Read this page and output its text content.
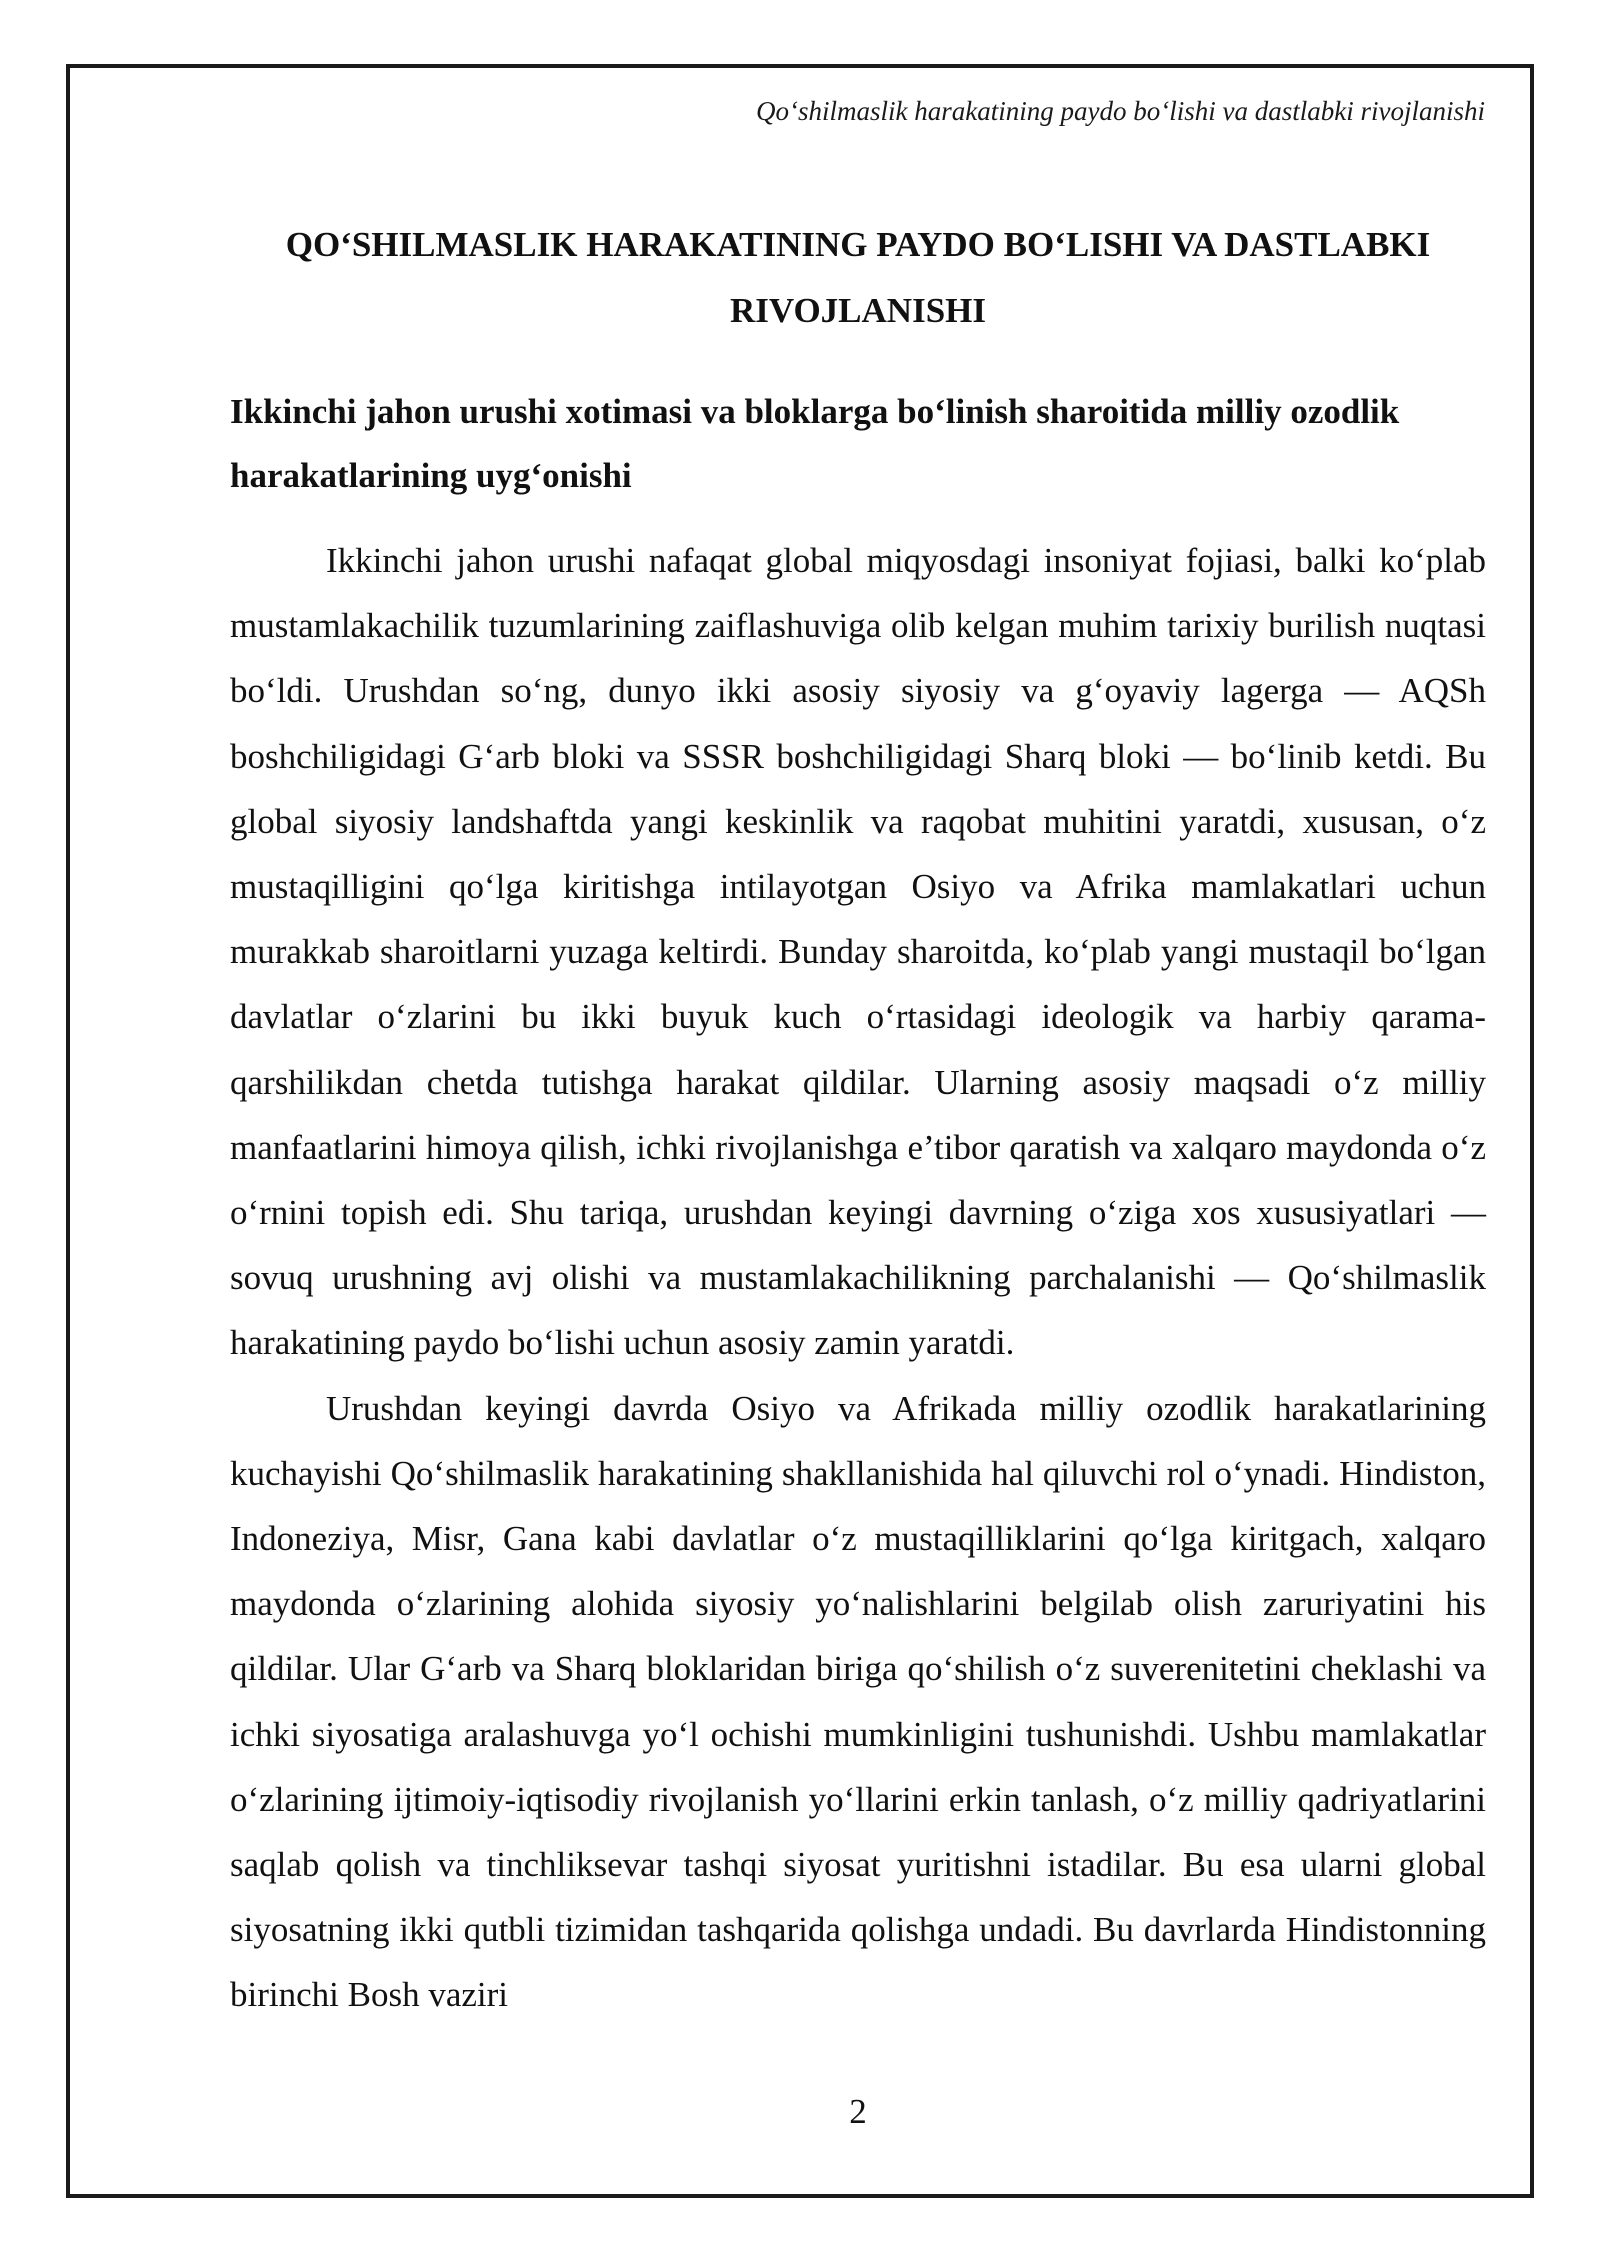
Qo‘shilmaslik harakatining paydo bo‘lishi va dastlabki rivojlanishi
QO‘SHILMASLIK HARAKATINING PAYDO BO‘LISHI VA DASTLABKI RIVOJLANISHI
Ikkinchi jahon urushi xotimasi va bloklarga bo‘linish sharoitida milliy ozodlik harakatlarining uyg‘onishi

Ikkinchi jahon urushi nafaqat global miqyosdagi insoniyat fojiasi, balki ko‘plab mustamlakachilik tuzumlarining zaiflashuviga olib kelgan muhim tarixiy burilish nuqtasi bo‘ldi. Urushdan so‘ng, dunyo ikki asosiy siyosiy va g‘oyaviy lagerga — AQSh boshchiligidagi G‘arb bloki va SSSR boshchiligidagi Sharq bloki — bo‘linib ketdi. Bu global siyosiy landshaftda yangi keskinlik va raqobat muhitini yaratdi, xususan, o‘z mustaqilligini qo‘lga kiritishga intilayotgan Osiyo va Afrika mamlakatlari uchun murakkab sharoitlarni yuzaga keltirdi. Bunday sharoitda, ko‘plab yangi mustaqil bo‘lgan davlatlar o‘zlarini bu ikki buyuk kuch o‘rtasidagi ideologik va harbiy qarama-qarshilikdan chetda tutishga harakat qildilar. Ularning asosiy maqsadi o‘z milliy manfaatlarini himoya qilish, ichki rivojlanishga e’tibor qaratish va xalqaro maydonda o‘z o‘rnini topish edi. Shu tariqa, urushdan keyingi davrning o‘ziga xos xususiyatlari — sovuq urushning avj olishi va mustamlakachilikning parchalanishi — Qo‘shilmaslik harakatining paydo bo‘lishi uchun asosiy zamin yaratdi.

Urushdan keyingi davrda Osiyo va Afrikada milliy ozodlik harakatlarining kuchayishi Qo‘shilmaslik harakatining shakllanishida hal qiluvchi rol o‘ynadi. Hindiston, Indoneziya, Misr, Gana kabi davlatlar o‘z mustaqilliklarini qo‘lga kiritgach, xalqaro maydonda o‘zlarining alohida siyosiy yo‘nalishlarini belgilab olish zaruriyatini his qildilar. Ular G‘arb va Sharq bloklaridan biriga qo‘shilish o‘z suverenitetini cheklashi va ichki siyosatiga aralashuvga yo‘l ochishi mumkinligini tushunishdi. Ushbu mamlakatlar o‘zlarining ijtimoiy-iqtisodiy rivojlanish yo‘llarini erkin tanlash, o‘z milliy qadriyatlarini saqlab qolish va tinchliksevar tashqi siyosat yuritishni istadilar. Bu esa ularni global siyosatning ikki qutbli tizimidan tashqarida qolishga undadi. Bu davrlarda Hindistonning birinchi Bosh vaziri

2
